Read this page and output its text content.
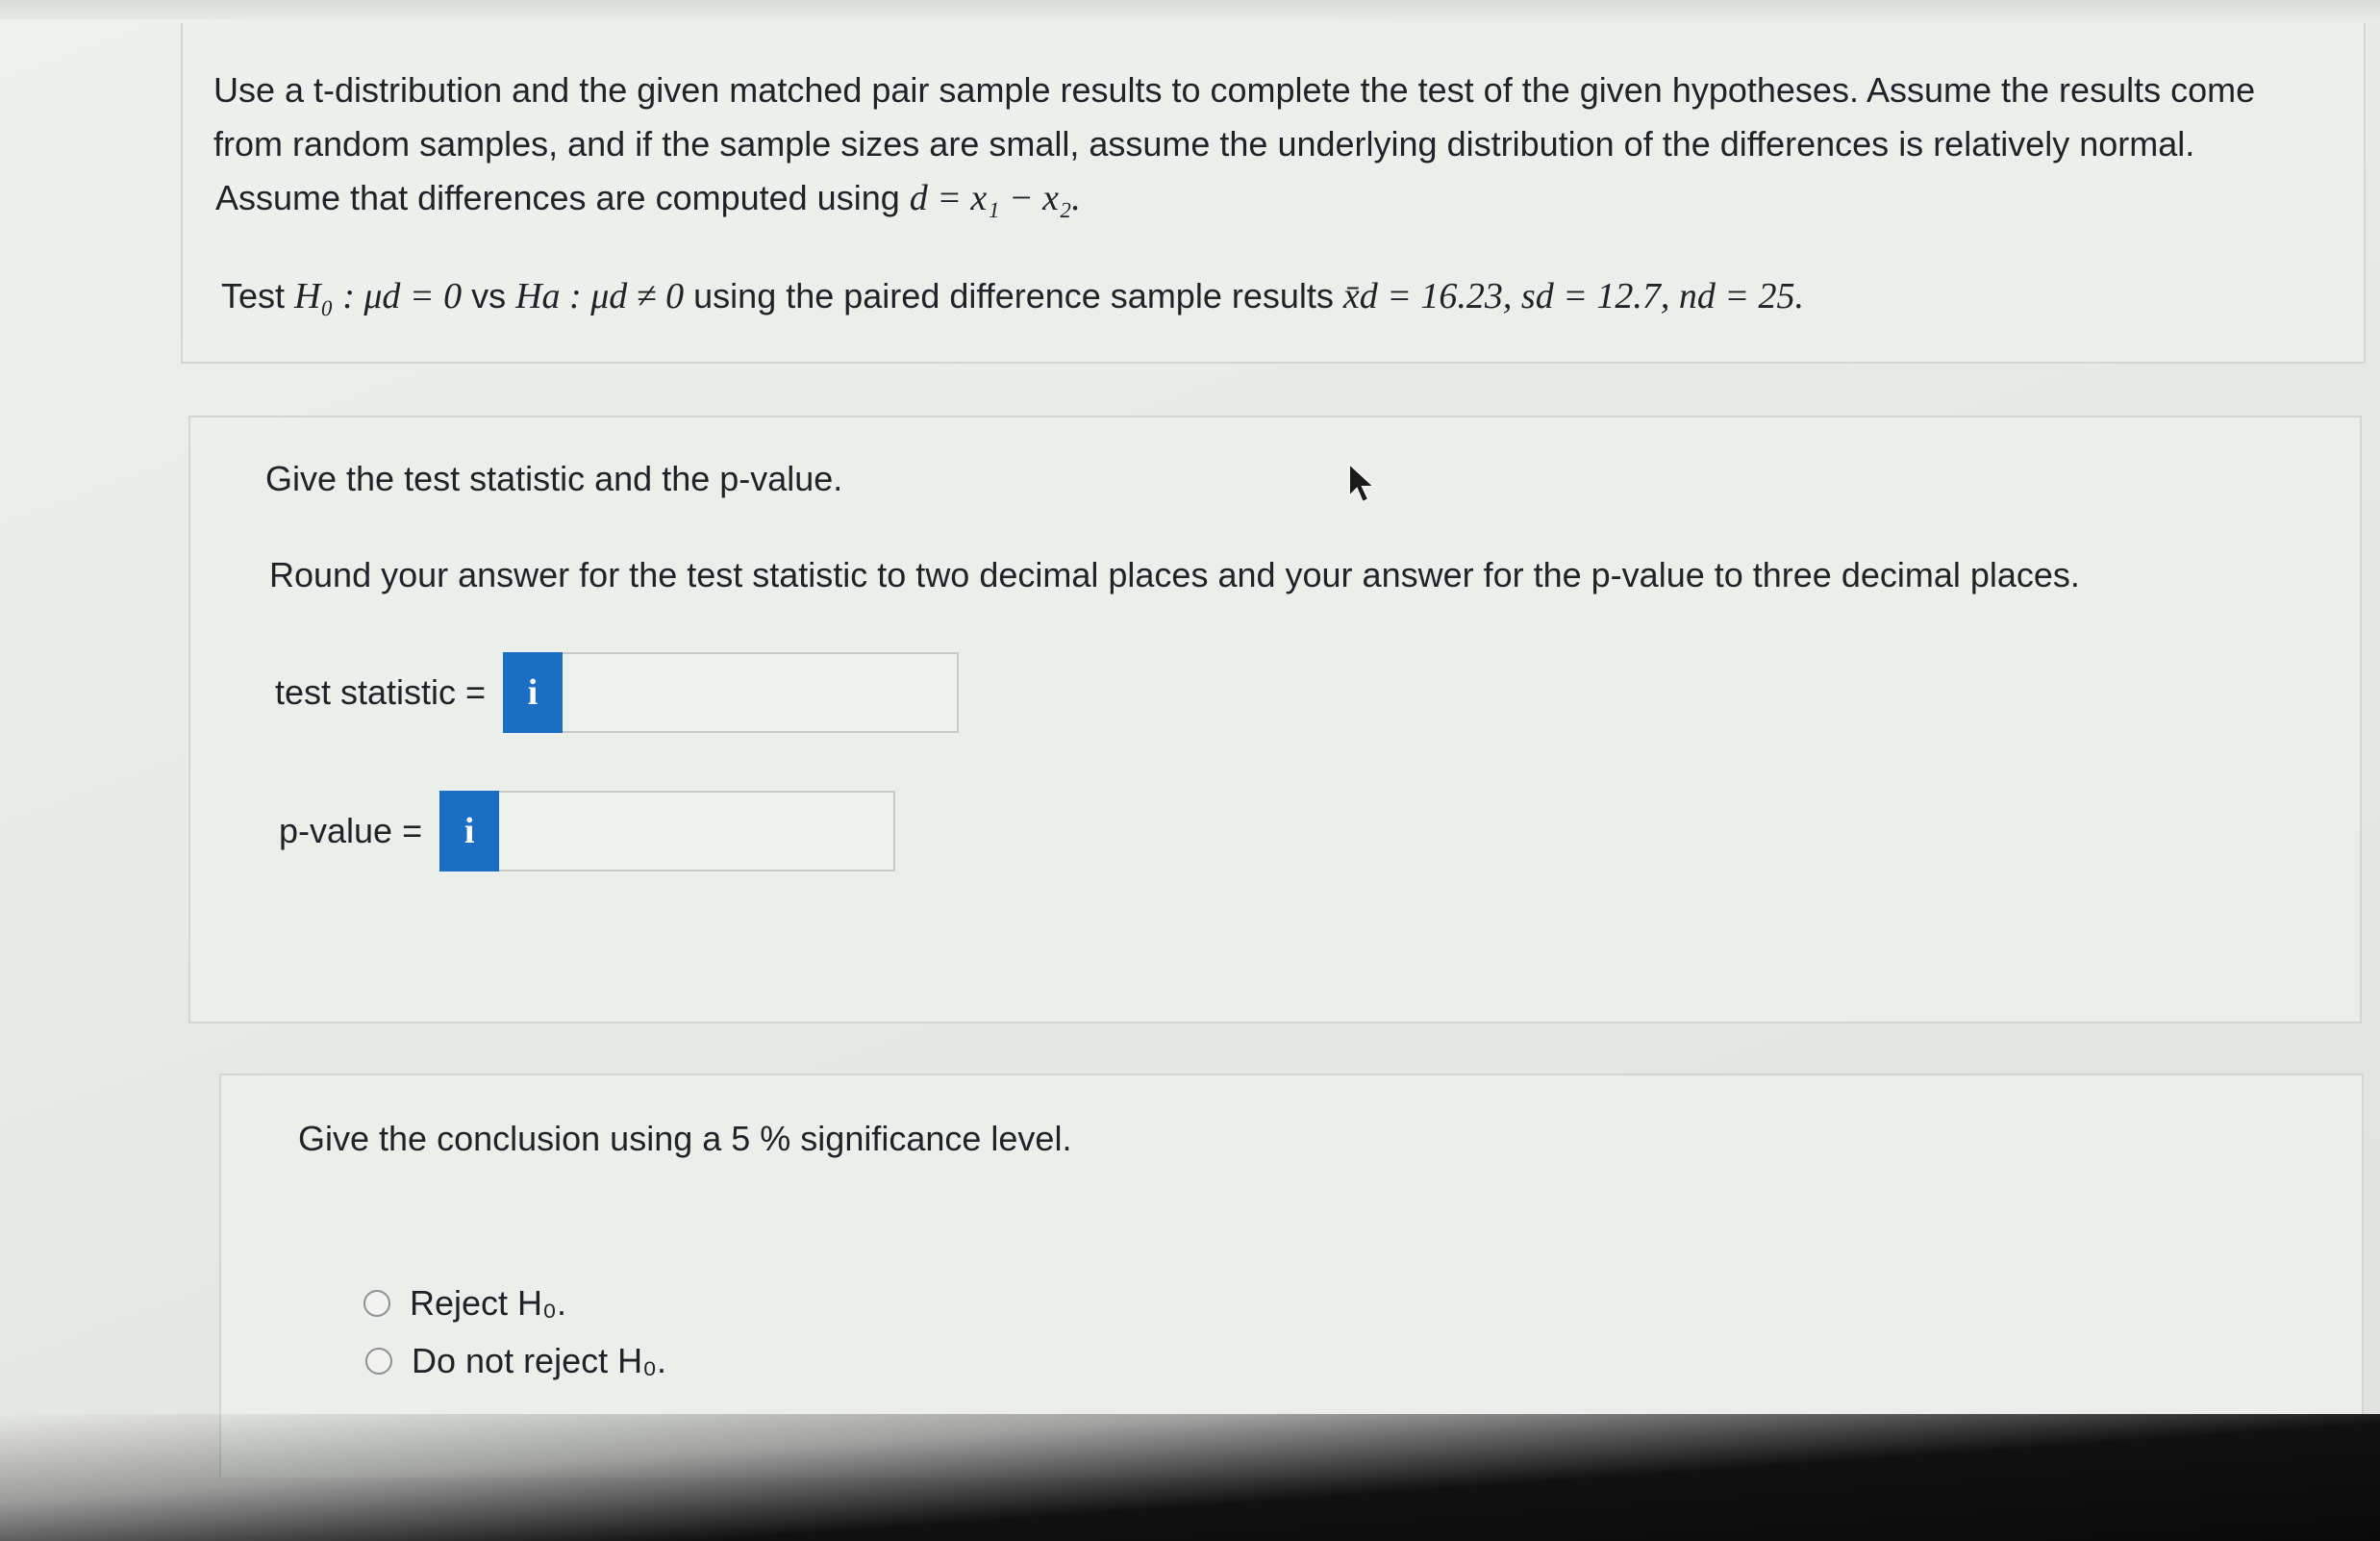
Use a t-distribution and the given matched pair sample results to complete the test of the given hypotheses. Assume the results come
from random samples, and if the sample sizes are small, assume the underlying distribution of the differences is relatively normal.
Assume that differences are computed using d = x₁ − x₂.
Test H₀ : μd = 0 vs Ha : μd ≠ 0 using the paired difference sample results x̄d = 16.23, sd = 12.7, nd = 25.
Give the test statistic and the p-value.
Round your answer for the test statistic to two decimal places and your answer for the p-value to three decimal places.
test statistic = i
p-value = i
Give the conclusion using a 5 % significance level.
Reject H₀.
Do not reject H₀.
